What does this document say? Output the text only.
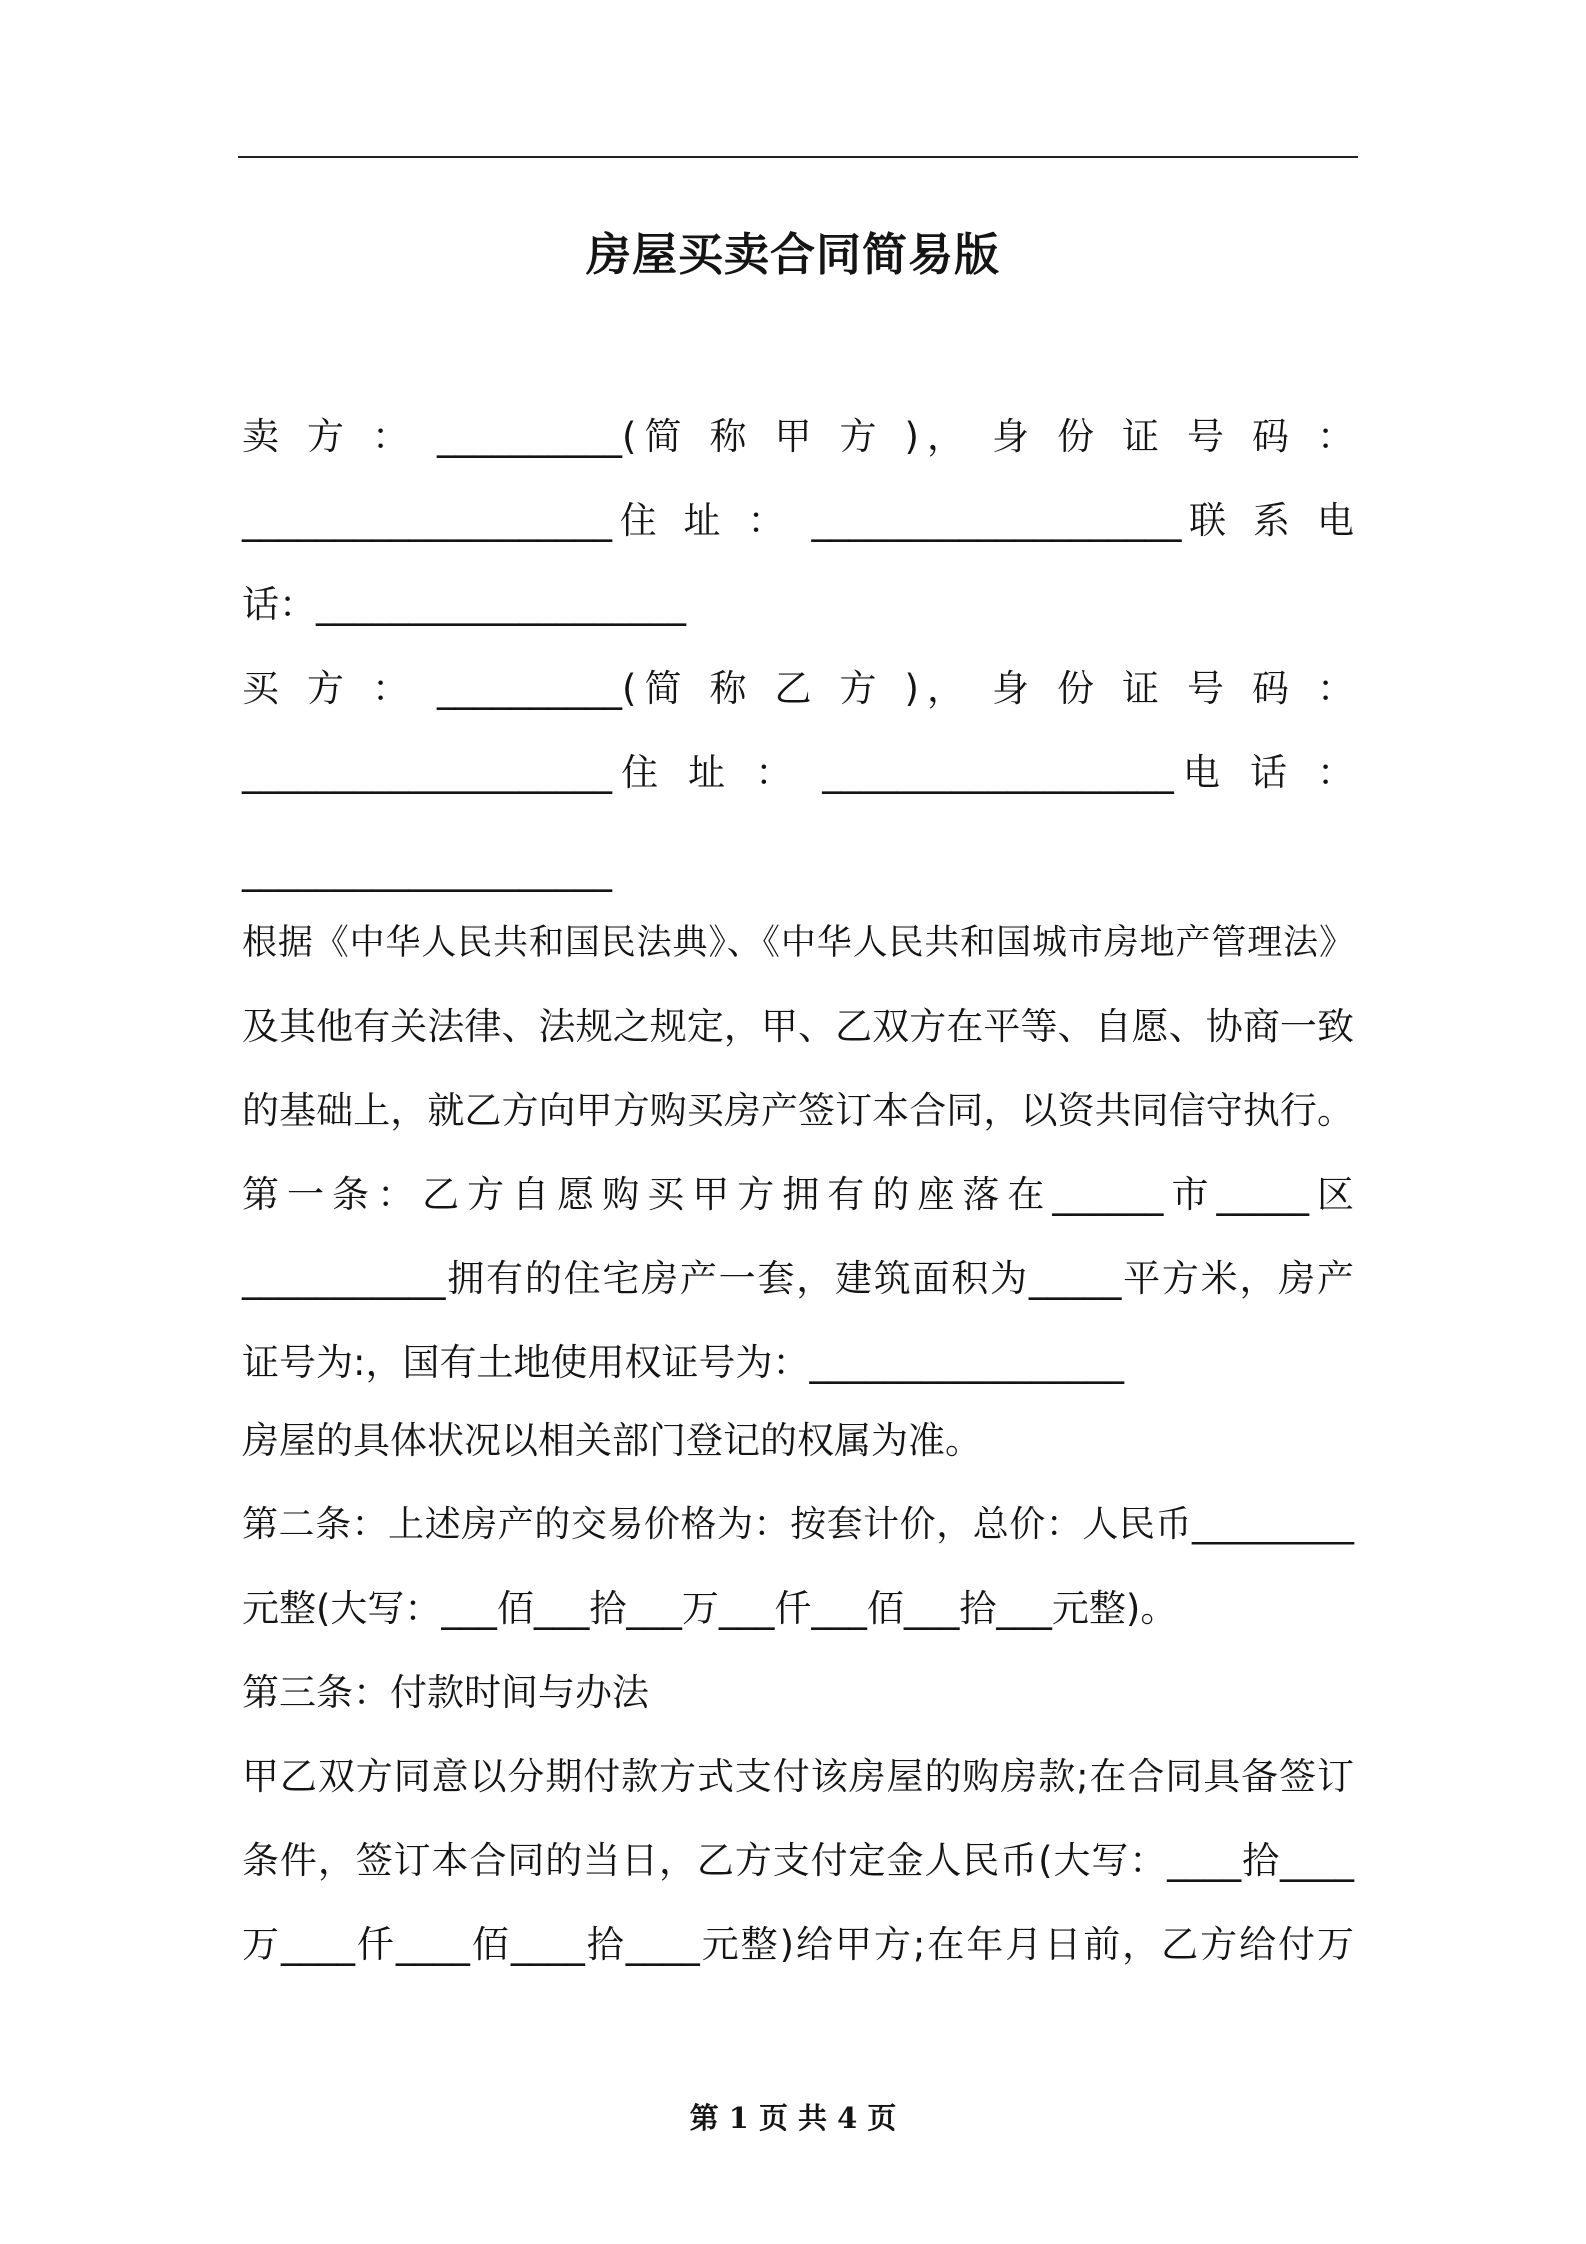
房屋买卖合同简易版
卖 方 ： __________(简 称 甲 方 )， 身 份 证 号 码 ：
____________________住 址 ： ____________________联 系 电
话：____________________
买 方 ： __________(简 称 乙 方 )， 身 份 证 号 码 ：
____________________住 址 ： ___________________电 话 ：
____________________
根据《中华人民共和国民法典》、《中华人民共和国城市房地产管理法》
及其他有关法律、法规之规定，甲、乙双方在平等、自愿、协商一致
的基础上，就乙方向甲方购买房产签订本合同，以资共同信守执行。
第一条：乙方自愿购买甲方拥有的座落在______市_____区
___________拥有的住宅房产一套，建筑面积为_____平方米，房产
证号为:，国有土地使用权证号为：_________________
房屋的具体状况以相关部门登记的权属为准。
第二条：上述房产的交易价格为：按套计价，总价：人民币_________
元整(大写：___佰___拾___万___仟___佰___拾___元整)。
第三条：付款时间与办法
甲乙双方同意以分期付款方式支付该房屋的购房款;在合同具备签订
条件，签订本合同的当日，乙方支付定金人民币(大写：____拾____
万____仟____佰____拾____元整)给甲方;在年月日前，乙方给付万
第 1 页 共 4 页
